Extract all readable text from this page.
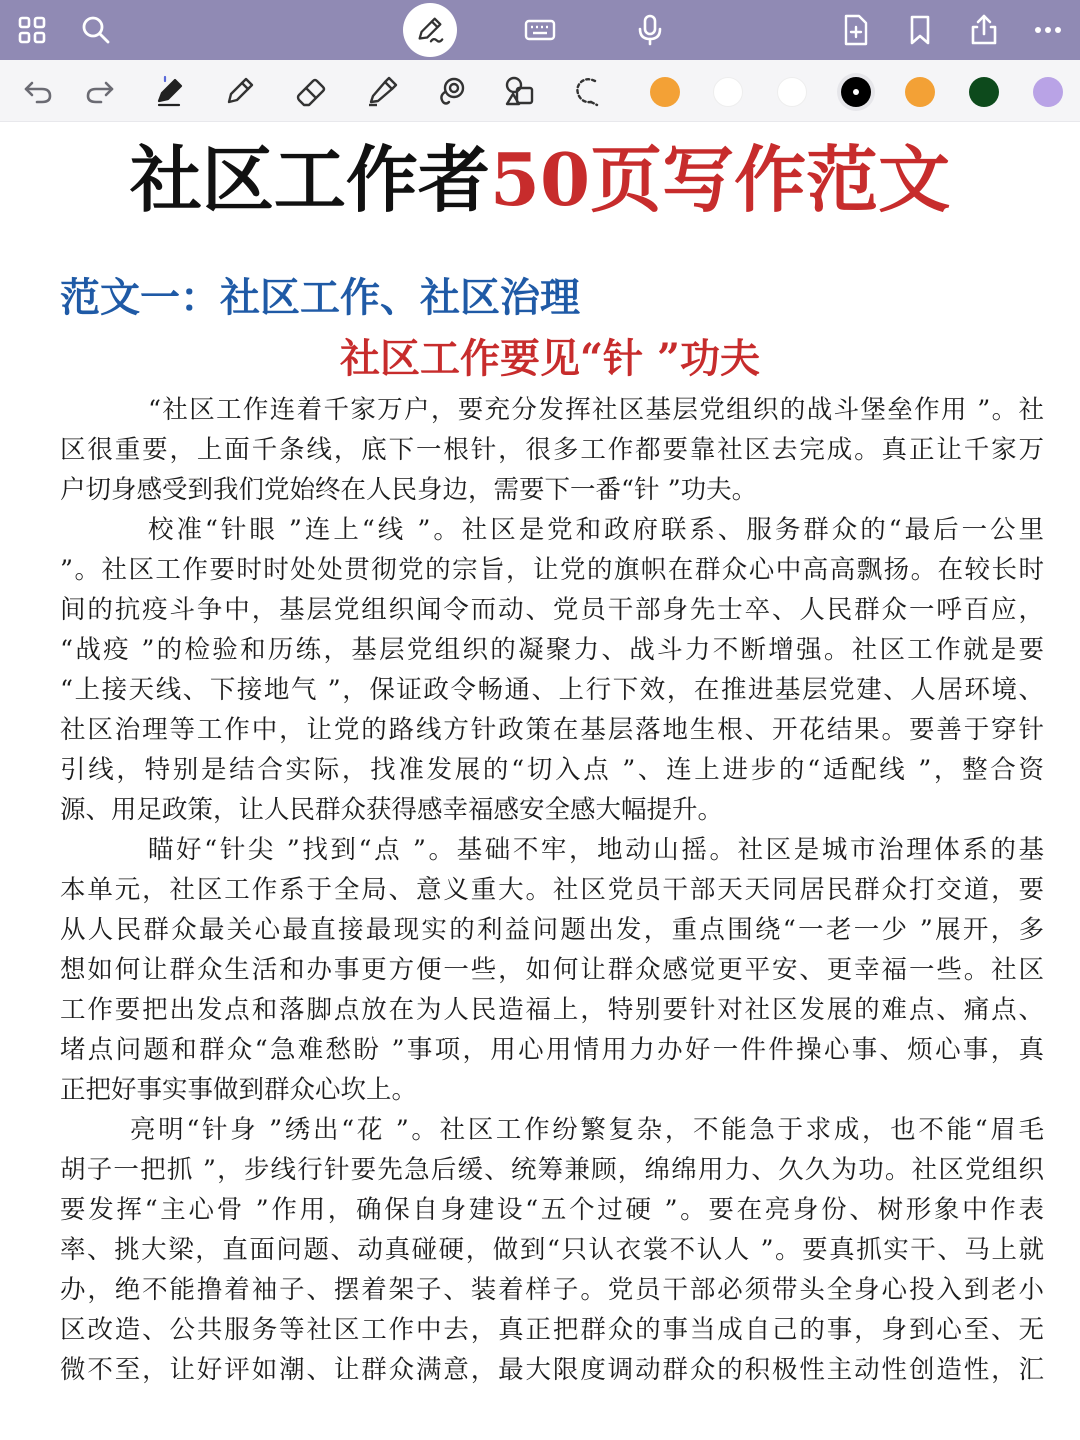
社区工作者50页写作范文
范文一：社区工作、社区治理
社区工作要见“针 ”功夫
“社区工作连着千家万户，要充分发挥社区基层党组织的战斗堡垒作用 ”。社
区很重要，上面千条线，底下一根针，很多工作都要靠社区去完成。真正让千家万
户切身感受到我们党始终在人民身边，需要下一番“针 ”功夫。
校准“针眼 ”连上“线 ”。社区是党和政府联系、服务群众的“最后一公里
”。社区工作要时时处处贯彻党的宗旨，让党的旗帜在群众心中高高飘扬。在较长时
间的抗疫斗争中，基层党组织闻令而动、党员干部身先士卒、人民群众一呼百应，
“战疫 ”的检验和历练，基层党组织的凝聚力、战斗力不断增强。社区工作就是要
“上接天线、下接地气 ”，保证政令畅通、上行下效，在推进基层党建、人居环境、
社区治理等工作中，让党的路线方针政策在基层落地生根、开花结果。要善于穿针
引线，特别是结合实际，找准发展的“切入点 ”、连上进步的“适配线 ”，整合资
源、用足政策，让人民群众获得感幸福感安全感大幅提升。
瞄好“针尖 ”找到“点 ”。基础不牢，地动山摇。社区是城市治理体系的基
本单元，社区工作系于全局、意义重大。社区党员干部天天同居民群众打交道，要
从人民群众最关心最直接最现实的利益问题出发，重点围绕“一老一少 ”展开，多
想如何让群众生活和办事更方便一些，如何让群众感觉更平安、更幸福一些。社区
工作要把出发点和落脚点放在为人民造福上，特别要针对社区发展的难点、痛点、
堵点问题和群众“急难愁盼 ”事项，用心用情用力办好一件件操心事、烦心事，真
正把好事实事做到群众心坎上。
亮明“针身 ”绣出“花 ”。社区工作纷繁复杂，不能急于求成，也不能“眉毛
胡子一把抓 ”，步线行针要先急后缓、统筹兼顾，绵绵用力、久久为功。社区党组织
要发挥“主心骨 ”作用，确保自身建设“五个过硬 ”。要在亮身份、树形象中作表
率、挑大梁，直面问题、动真碰硬，做到“只认衣裳不认人 ”。要真抓实干、马上就
办，绝不能撸着袖子、摆着架子、装着样子。党员干部必须带头全身心投入到老小
区改造、公共服务等社区工作中去，真正把群众的事当成自己的事，身到心至、无
微不至，让好评如潮、让群众满意，最大限度调动群众的积极性主动性创造性，汇
